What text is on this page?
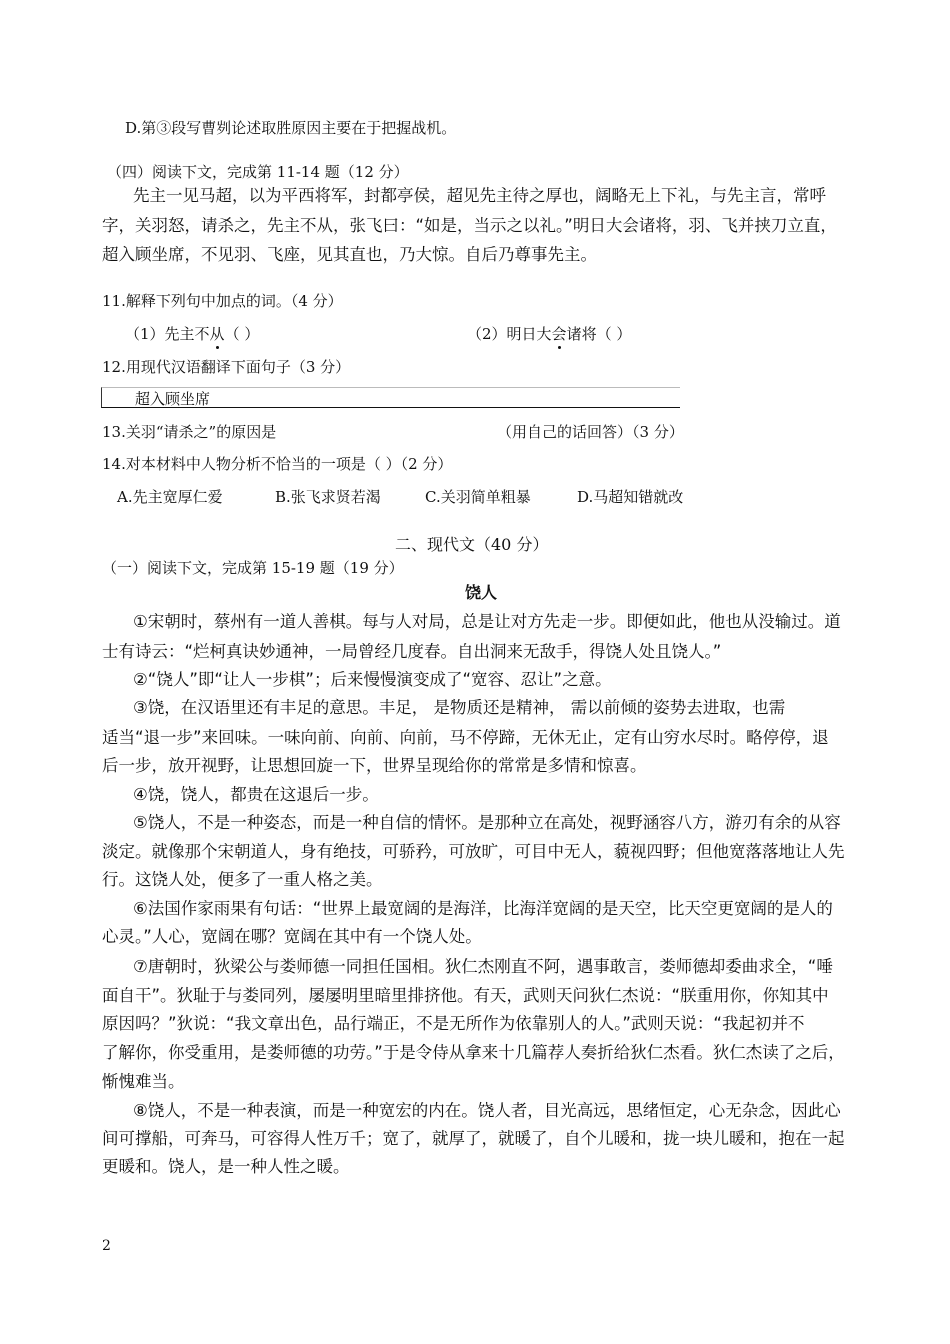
D.第③段写曹刿论述取胜原因主要在于把握战机。
（四）阅读下文，完成第 11-14 题（12 分）
先主一见马超，以为平西将军，封都亭侯，超见先主待之厚也，阔略无上下礼，与先主言，常呼
字，关羽怒，请杀之，先主不从，张飞曰：“如是，当示之以礼。”明日大会诸将，羽、飞并挟刀立直，
超入顾坐席，不见羽、飞座，见其直也，乃大惊。自后乃尊事先主。
11.解释下列句中加点的词。（4 分）
（1）先主不从（ ）	（2）明日大会诸将（ ）
12.用现代汉语翻译下面句子（3 分）
超入顾坐席
13.关羽“请杀之”的原因是	（用自己的话回答）（3 分）
14.对本材料中人物分析不恰当的一项是（ ）（2 分）
A.先主宽厚仁爱	B.张飞求贤若渴	C.关羽简单粗暴	D.马超知错就改
二、现代文（40 分）
（一）阅读下文，完成第 15-19 题（19 分）
饶人
①宋朝时，蔡州有一道人善棋。每与人对局，总是让对方先走一步。即便如此，他也从没输过。道
士有诗云：“烂柯真诀妙通神，一局曾经几度春。自出洞来无敌手，得饶人处且饶人。”
②“饶人”即“让人一步棋”；后来慢慢演变成了“宽容、忍让”之意。
③饶，在汉语里还有丰足的意思。丰足， 是物质还是精神， 需以前倾的姿势去进取，也需
适当“退一步”来回味。一味向前、向前、向前，马不停蹄，无休无止，定有山穷水尽时。略停停，退
后一步，放开视野，让思想回旋一下，世界呈现给你的常常是多情和惊喜。
④饶，饶人，都贵在这退后一步。
⑤饶人，不是一种姿态，而是一种自信的情怀。是那种立在高处，视野涵容八方，游刃有余的从容
淡定。就像那个宋朝道人，身有绝技，可骄矜，可放旷，可目中无人，藐视四野；但他宽落落地让人先
行。这饶人处，便多了一重人格之美。
⑥法国作家雨果有句话：“世界上最宽阔的是海洋，比海洋宽阔的是天空，比天空更宽阔的是人的
心灵。”人心，宽阔在哪？宽阔在其中有一个饶人处。
⑦唐朝时，狄梁公与娄师德一同担任国相。狄仁杰刚直不阿，遇事敢言，娄师德却委曲求全，“唾
面自干”。狄耻于与娄同列，屡屡明里暗里排挤他。有天，武则天问狄仁杰说：“朕重用你，你知其中
原因吗？”狄说：“我文章出色，品行端正，不是无所作为依靠别人的人。”武则天说：“我起初并不
了解你，你受重用，是娄师德的功劳。”于是令侍从拿来十几篇荐人奏折给狄仁杰看。狄仁杰读了之后，
惭愧难当。
⑧饶人，不是一种表演，而是一种宽宏的内在。饶人者，目光高远，思绪恒定，心无杂念，因此心
间可撑船，可奔马，可容得人性万千；宽了，就厚了，就暖了，自个儿暖和，拢一块儿暖和，抱在一起
更暖和。饶人，是一种人性之暖。
2
